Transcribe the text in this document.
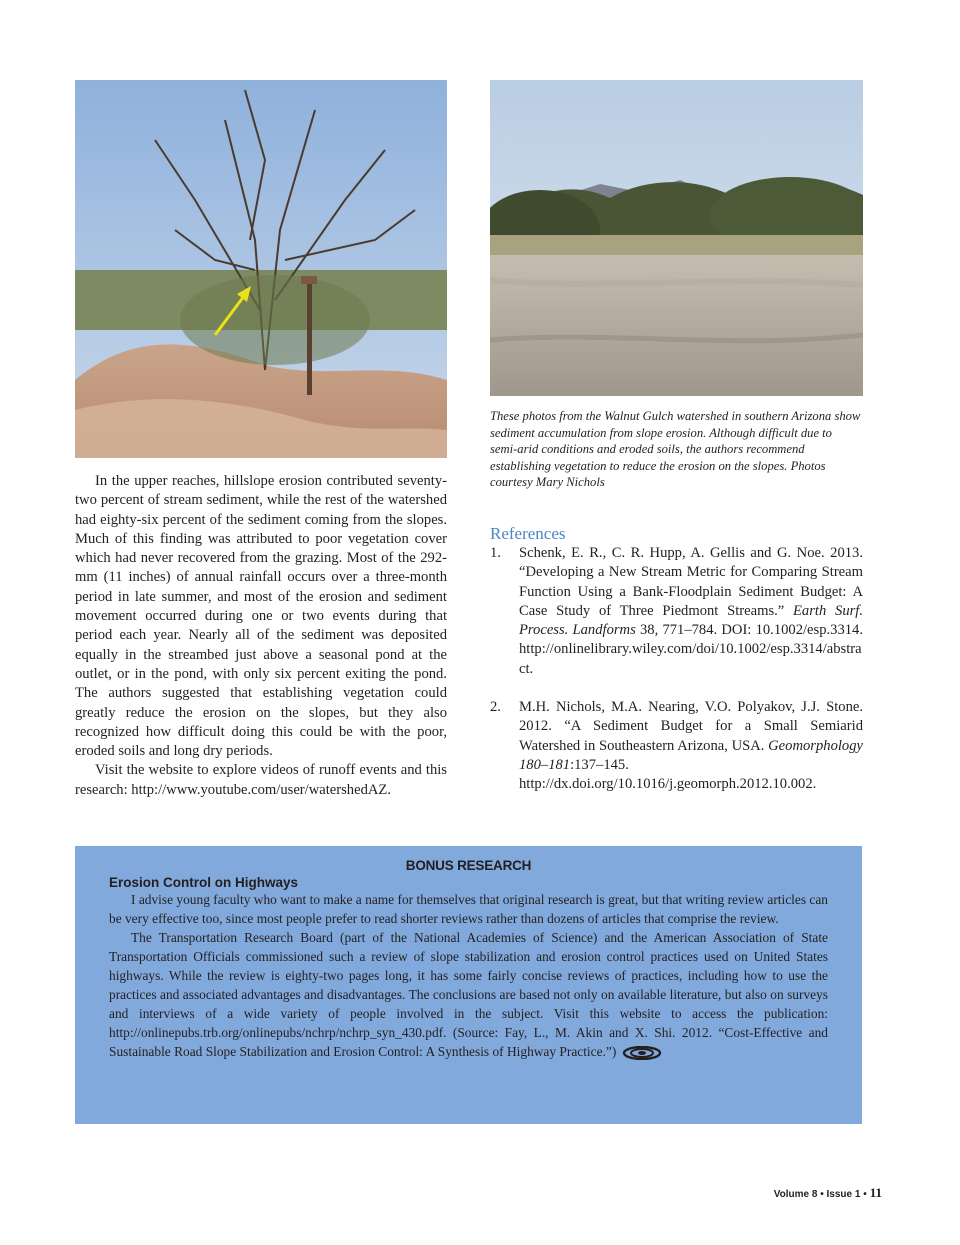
These photos from the Walnut Gulch watershed in southern Arizona show sediment accumulation from slope erosion. Although difficult due to semi-arid conditions and eroded soils, the authors recommend establishing vegetation to reduce the erosion on the slopes. Photos courtesy Mary Nichols

In the upper reaches, hillslope erosion contributed seventy-two percent of stream sediment, while the rest of the watershed had eighty-six percent of the sediment coming from the slopes. Much of this finding was attributed to poor vegetation cover which had never recovered from the grazing. Most of the 292-mm (11 inches) of annual rainfall occurs over a three-month period in late summer, and most of the erosion and sediment movement occurred during one or two events during that period each year. Nearly all of the sediment was deposited equally in the streambed just above a seasonal pond at the outlet, or in the pond, with only six percent exiting the pond. The authors suggested that establishing vegetation could greatly reduce the erosion on the slopes, but they also recognized how difficult doing this could be with the poor, eroded soils and long dry periods.

Visit the website to explore videos of runoff events and this research: http://www.youtube.com/user/watershedAZ.

References
1.	Schenk, E. R., C. R. Hupp, A. Gellis and G. Noe. 2013. “Developing a New Stream Metric for Comparing Stream Function Using a Bank-Floodplain Sediment Budget: A Case Study of Three Piedmont Streams.” Earth Surf. Process. Landforms 38, 771–784. DOI: 10.1002/esp.3314. http://onlinelibrary.wiley.com/doi/10.1002/esp.3314/abstract.
2.	M.H. Nichols, M.A. Nearing, V.O. Polyakov, J.J. Stone. 2012. “A Sediment Budget for a Small Semiarid Watershed in Southeastern Arizona, USA. Geomorphology 180–181:137–145. http://dx.doi.org/10.1016/j.geomorph.2012.10.002.

BONUS RESEARCH

Erosion Control on Highways

I advise young faculty who want to make a name for themselves that original research is great, but that writing review articles can be very effective too, since most people prefer to read shorter reviews rather than dozens of articles that comprise the review.

The Transportation Research Board (part of the National Academies of Science) and the American Association of State Transportation Officials commissioned such a review of slope stabilization and erosion control practices used on United States highways. While the review is eighty-two pages long, it has some fairly concise reviews of practices, including how to use the practices and associated advantages and disadvantages. The conclusions are based not only on available literature, but also on surveys and interviews of a wide variety of people involved in the subject. Visit this website to access the publication: http://onlinepubs.trb.org/onlinepubs/nchrp/nchrp_syn_430.pdf. (Source: Fay, L., M. Akin and X. Shi. 2012. “Cost-Effective and Sustainable Road Slope Stabilization and Erosion Control: A Synthesis of Highway Practice.”)

Volume 8 • Issue 1 • 11
